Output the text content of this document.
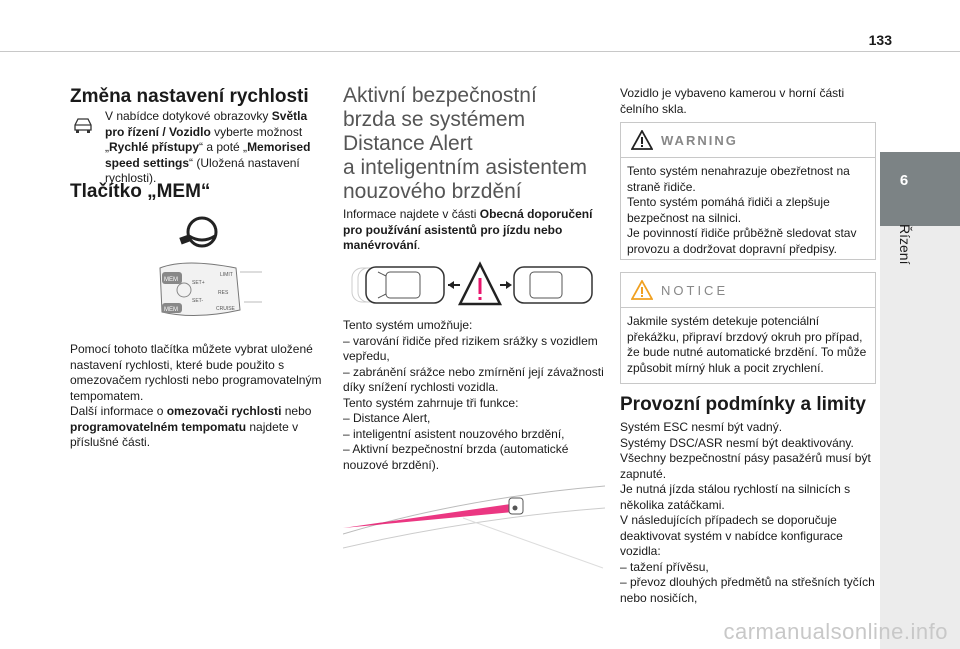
133
6
Řízení
Změna nastavení rychlosti
V nabídce dotykové obrazovky Světla pro řízení / Vozidlo vyberte možnost „Rychlé přístupy“ a poté „Memorised speed settings“ (Uložená nastavení rychlosti).
Tlačítko „MEM“
MEM
MEM
SET+
SET-
LIMIT
RES
CRUISE
Pomocí tohoto tlačítka můžete vybrat uložené nastavení rychlosti, které bude použito s omezovačem rychlosti nebo programovatelným tempomatem.
Další informace o omezovači rychlosti nebo programovatelném tempomatu najdete v příslušné části.
Aktivní bezpečnostní
brzda se systémem
Distance Alert
a inteligentním asistentem
nouzového brzdění
Informace najdete v části Obecná doporučení pro používání asistentů pro jízdu nebo manévrování.
Tento systém umožňuje:
– varování řidiče před rizikem srážky s vozidlem vepředu,
– zabránění srážce nebo zmírnění její závažnosti díky snížení rychlosti vozidla.
Tento systém zahrnuje tři funkce:
– Distance Alert,
– inteligentní asistent nouzového brzdění,
– Aktivní bezpečnostní brzda (automatické nouzové brzdění).
Vozidlo je vybaveno kamerou v horní části čelního skla.
WARNING
Tento systém nenahrazuje obezřetnost na straně řidiče.
Tento systém pomáhá řidiči a zlepšuje bezpečnost na silnici.
Je povinností řidiče průběžně sledovat stav provozu a dodržovat dopravní předpisy.
NOTICE
Jakmile systém detekuje potenciální překážku, připraví brzdový okruh pro případ, že bude nutné automatické brzdění. To může způsobit mírný hluk a pocit zrychlení.
Provozní podmínky a limity
Systém ESC nesmí být vadný.
Systémy DSC/ASR nesmí být deaktivovány.
Všechny bezpečnostní pásy pasažérů musí být zapnuté.
Je nutná jízda stálou rychlostí na silnicích s několika zatáčkami.
V následujících případech se doporučuje deaktivovat systém v nabídce konfigurace vozidla:
– tažení přívěsu,
– převoz dlouhých předmětů na střešních tyčích nebo nosičích,
carmanualsonline.info
